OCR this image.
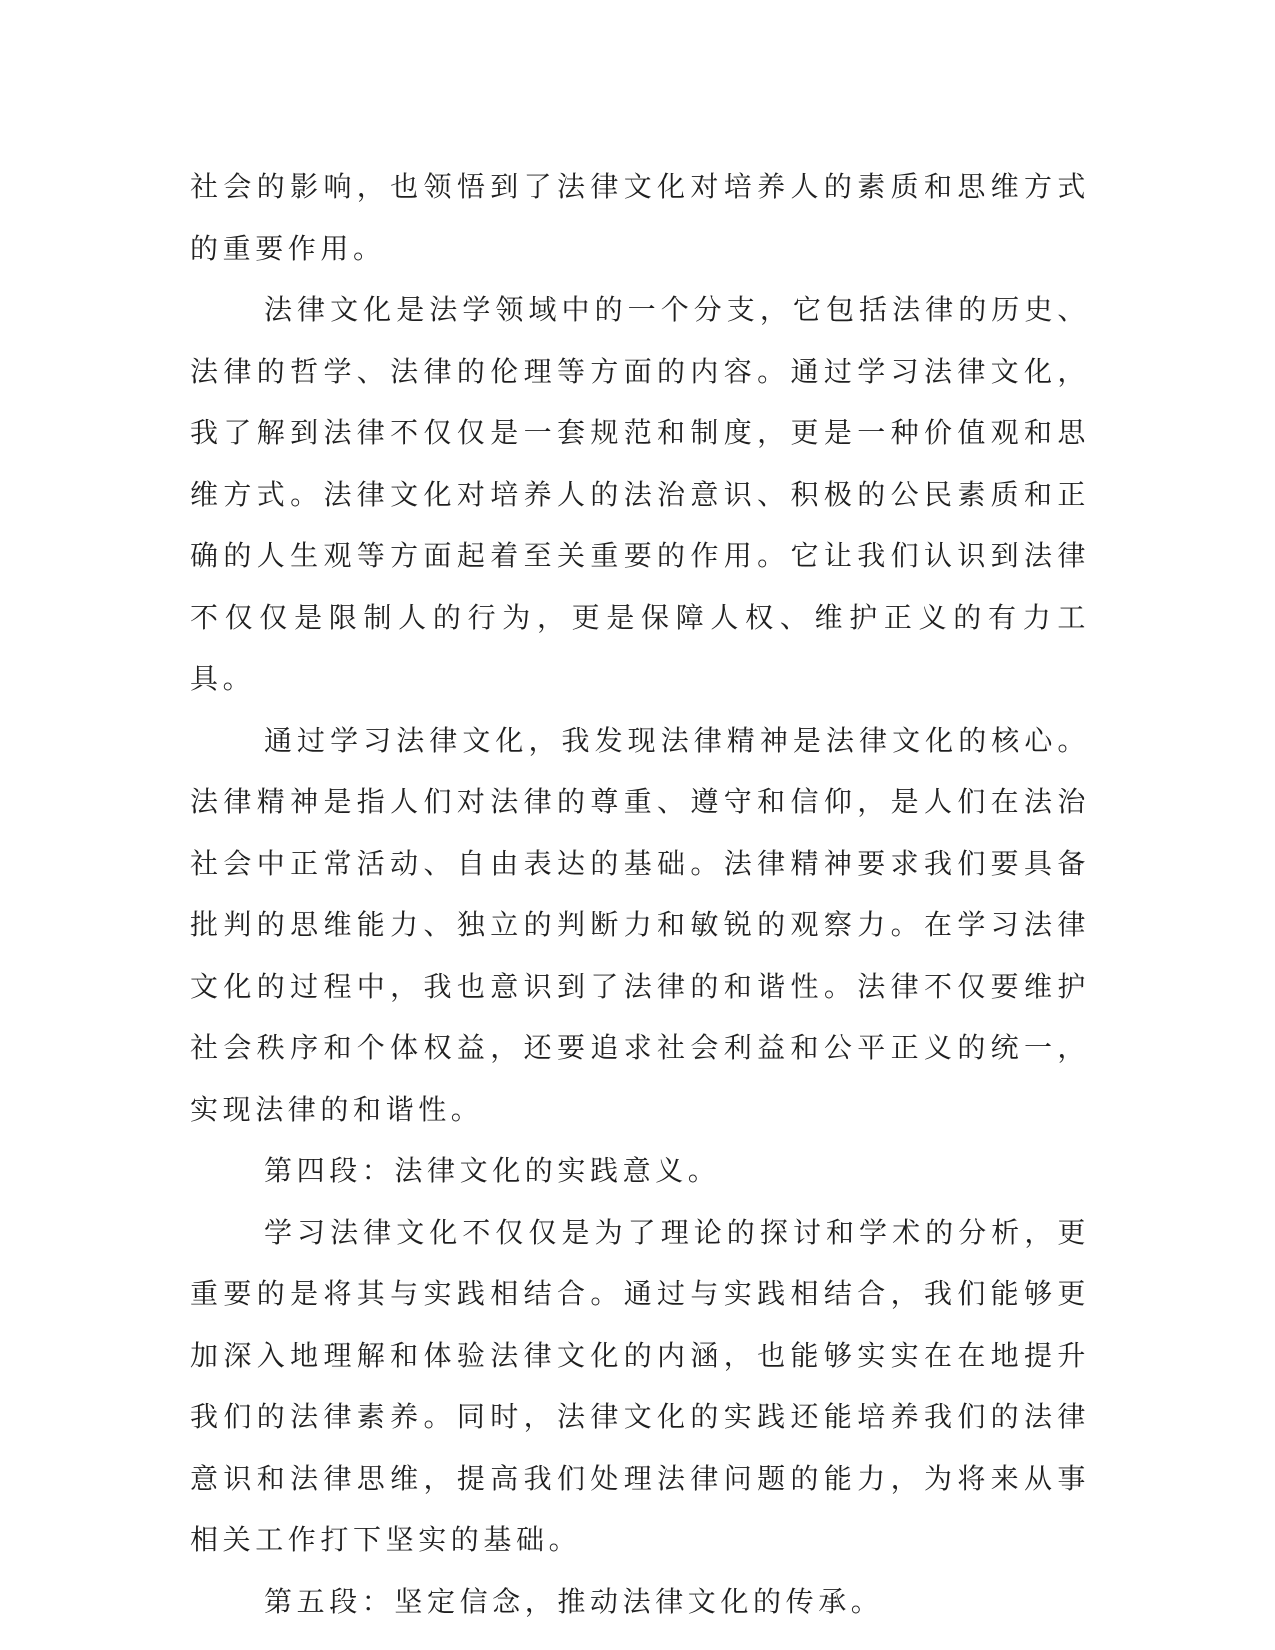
社会的影响，也领悟到了法律文化对培养人的素质和思维方式的重要作用。

法律文化是法学领域中的一个分支，它包括法律的历史、法律的哲学、法律的伦理等方面的内容。通过学习法律文化，我了解到法律不仅仅是一套规范和制度，更是一种价值观和思维方式。法律文化对培养人的法治意识、积极的公民素质和正确的人生观等方面起着至关重要的作用。它让我们认识到法律不仅仅是限制人的行为，更是保障人权、维护正义的有力工具。

通过学习法律文化，我发现法律精神是法律文化的核心。法律精神是指人们对法律的尊重、遵守和信仰，是人们在法治社会中正常活动、自由表达的基础。法律精神要求我们要具备批判的思维能力、独立的判断力和敏锐的观察力。在学习法律文化的过程中，我也意识到了法律的和谐性。法律不仅要维护社会秩序和个体权益，还要追求社会利益和公平正义的统一，实现法律的和谐性。

第四段：法律文化的实践意义。

学习法律文化不仅仅是为了理论的探讨和学术的分析，更重要的是将其与实践相结合。通过与实践相结合，我们能够更加深入地理解和体验法律文化的内涵，也能够实实在在地提升我们的法律素养。同时，法律文化的实践还能培养我们的法律意识和法律思维，提高我们处理法律问题的能力，为将来从事相关工作打下坚实的基础。

第五段：坚定信念，推动法律文化的传承。
